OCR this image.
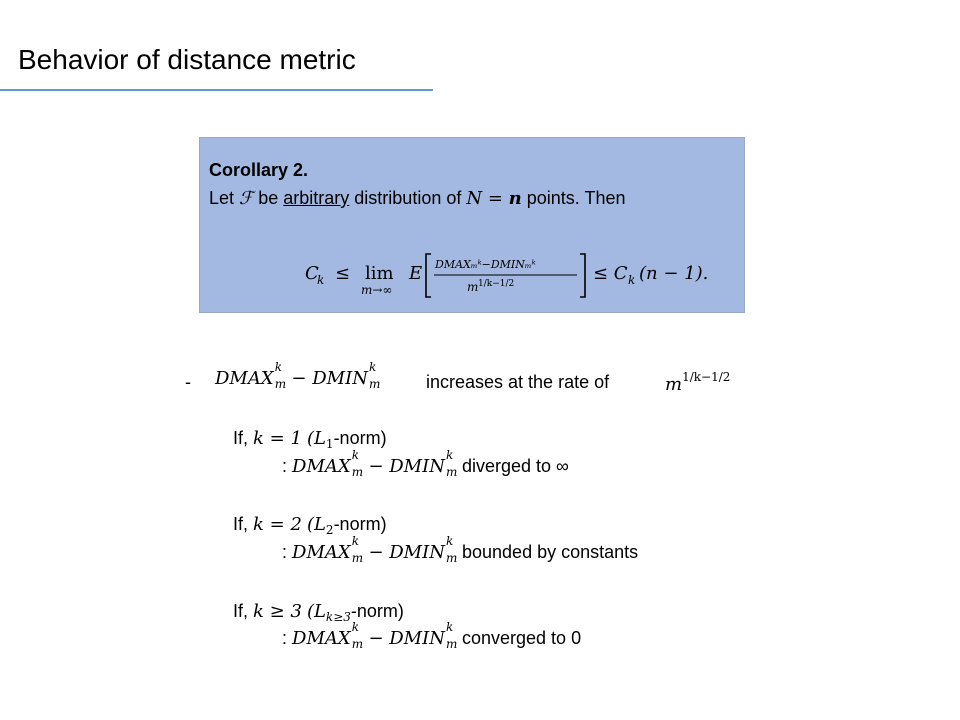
Behavior of distance metric
Corollary 2.
Let ℱ be arbitrary distribution of N = n points. Then
C
k ≤ lim
m→∞
E DMAXₘᵏ−DMINₘᵏ
m 1/k−1/2	≤ C k (n − 1).
- DMAX
k
m − DMIN
k
m	increases at the rate of	$m^{1/k-1/2}$
If, k = 1 $(L_1-norm)$
: DMAX
k
m − DMIN
k
m diverged to ∞
If, k = 2 $(L_2-norm)$
: DMAX
k
m − DMIN
k
m bounded by constants
If, k ≥ 3 $(L_{k\ge 3}-norm)$
: DMAX
k
m − DMIN
k
m converged to 0
